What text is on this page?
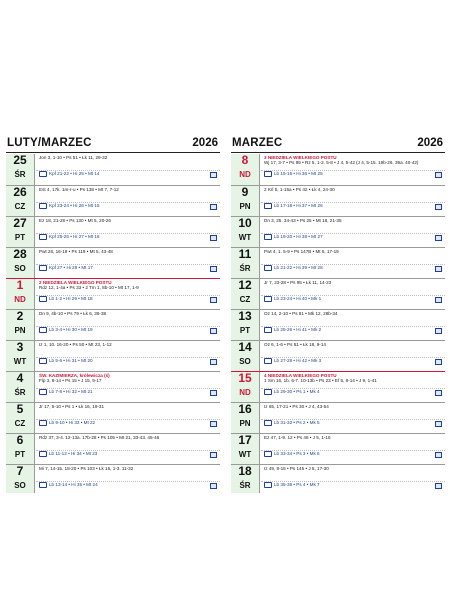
LUTY/MARZEC	2026
25
ŚR
Jon 3, 1-10 • Ps 51 • Łk 11, 29-32
Kpf 21-22 • Hi 25 • Mt 14
26
CZ
Est 4, 17k. 1m-r-u • Ps 138 • Mt 7, 7-12
Kpf 23-24 • Hi 26 • Mt 15
27
PT
Ez 18, 21-28 • Ps 130 • Mt 5, 20-26
Kpf 25-26 • Hi 27 • Mt 16
28
SO
Pwt 26, 16-19 • Ps 119 • Mt 5, 43-48
Kpf 27 • Hi 28 • Mt 17
1
ND
2 NIEDZIELA WIELKIEGO POSTU
Rdz 12, 1-4a • Ps 33 • 2 Tm 1, 8b-10 • Mt 17, 1-9
Lb 1-2 • Hi 29 • Mt 18
2
PN
Dn 9, 4b-10 • Ps 79 • Łk 6, 36-38
Lb 3-4 • Hi 30 • Mt 19
3
WT
Iz 1, 10. 16-20 • Ps 50 • Mt 23, 1-12
Lb 5-6 • Hi 31 • Mt 20
4
ŚR
ŚW. KAZIMIERZA, królewicza (ś)
Flp 3, 8-14 • Ps 15 • J 15, 9-17
Lb 7-8 • Hi 32 • Mt 21
5
CZ
Jr 17, 5-10 • Ps 1 • Łk 16, 19-31
Lb 9-10 • Hi 33 • Mt 22
6
PT
Rdz 37, 3-4. 12-13a. 17b-28 • Ps 105 • Mt 21, 33-43. 45-46
Lb 11-12 • Hi 34 • Mt 23
7
SO
Mi 7, 14-15. 18-20 • Ps 103 • Łk 15, 1-3. 11-32
Lb 13-14 • Hi 35 • Mt 24
MARZEC	2026
8
ND
3 NIEDZIELA WIELKIEGO POSTU
Wj 17, 3-7 • Ps 95 • Rz 5, 1-2. 5-8 • J 4, 5-42 (J 4, 5-15. 19b-26. 39a. 40-42)
Lb 15-16 • Hi 36 • Mt 25
9
PN
2 Krl 5, 1-15a • Ps 42 • Łk 4, 24-30
Lb 17-18 • Hi 37 • Mt 26
10
WT
Dn 3, 25. 34-43 • Ps 25 • Mt 18, 21-35
Lb 19-20 • Hi 38 • Mt 27
11
ŚR
Pwt 4, 1. 5-9 • Ps 147B • Mt 5, 17-19
Lb 21-22 • Hi 39 • Mt 28
12
CZ
Jr 7, 23-28 • Ps 95 • Łk 11, 14-23
Lb 23-24 • Hi 40 • Mk 1
13
PT
Oz 14, 2-10 • Ps 81 • Mk 12, 28b-34
Lb 25-26 • Hi 41 • Mk 2
14
SO
Oz 6, 1-6 • Ps 51 • Łk 18, 9-14
Lb 27-28 • Hi 42 • Mk 3
15
ND
4 NIEDZIELA WIELKIEGO POSTU
1 Sm 16, 1b. 6-7. 10-13b • Ps 23 • Ef 5, 8-14 • J 9, 1-41
Lb 29-30 • Ps 1 • Mk 4
16
PN
Iz 65, 17-21 • Ps 30 • J 4, 43-54
Lb 31-32 • Ps 2 • Mk 5
17
WT
Ez 47, 1-9. 12 • Ps 46 • J 5, 1-16
Lb 33-34 • Ps 3 • Mk 6
18
ŚR
Iz 49, 8-15 • Ps 145 • J 5, 17-30
Lb 35-36 • Ps 4 • Mk 7
